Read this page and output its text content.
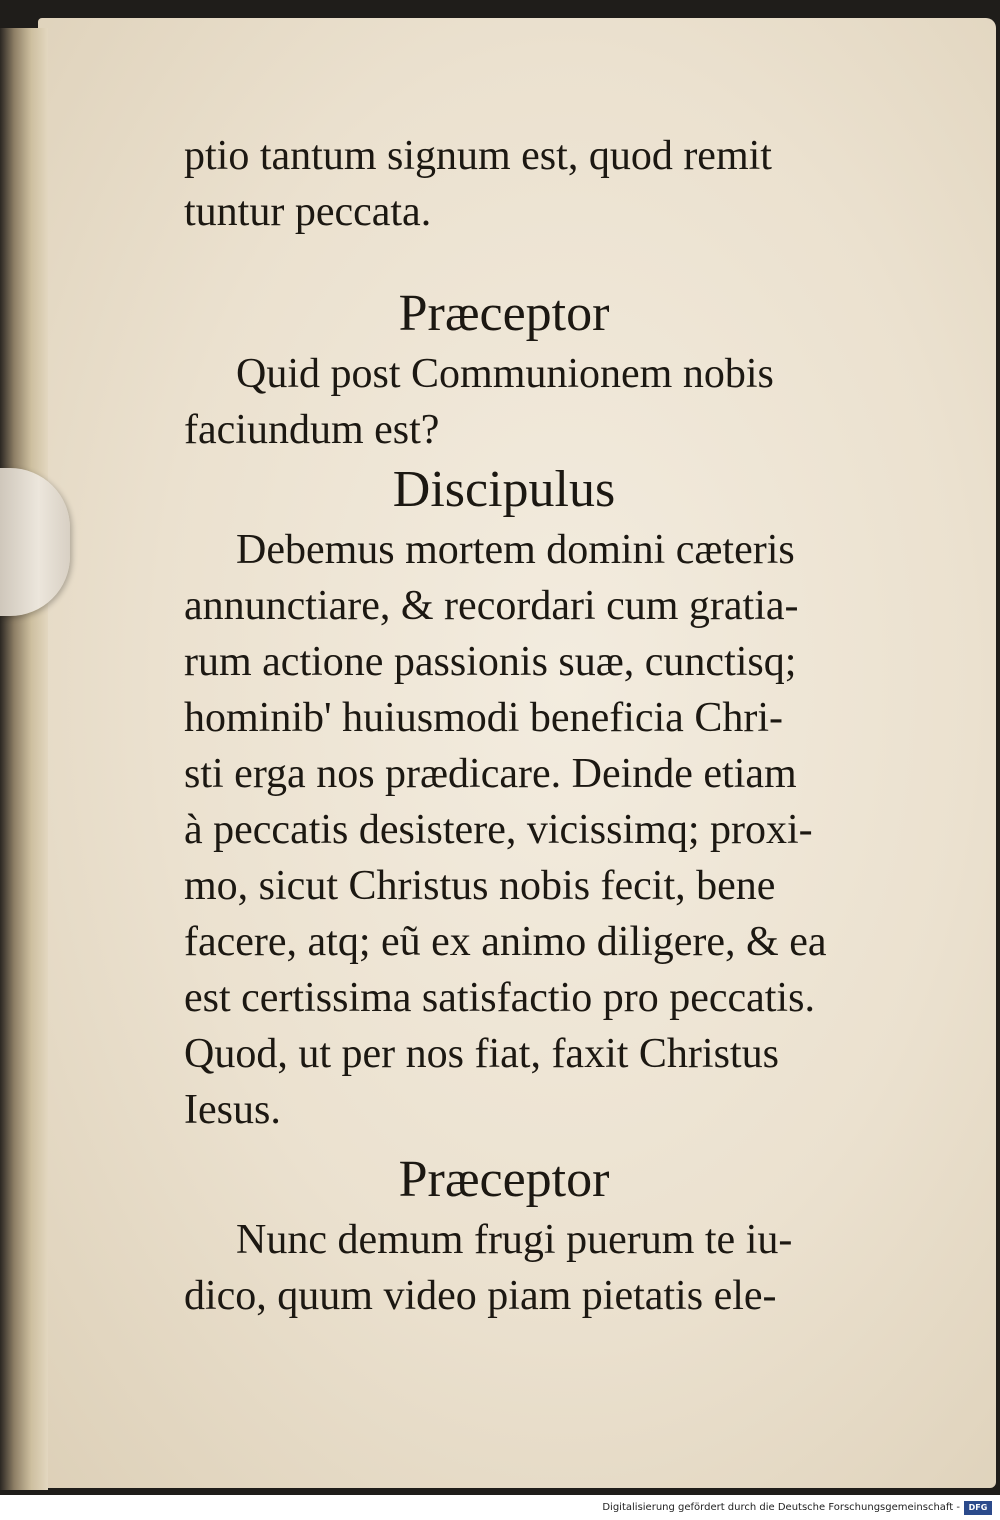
ptio tantum signum est, quod remit
tuntur peccata.
Præceptor
Quid post Communionem nobis
faciundum est?
Discipulus
Debemus mortem domini cæteris
annunctiare, & recordari cum gratia-
rum actione passionis suæ, cunctisq;
hominib' huiusmodi beneficia Chri-
sti erga nos prædicare. Deinde etiam
à peccatis desistere, vicissimq; proxi-
mo, sicut Christus nobis fecit, bene
facere, atq; eũ ex animo diligere, & ea
est certissima satisfactio pro peccatis.
Quod, ut per nos fiat, faxit Christus
Iesus.
Præceptor
Nunc demum frugi puerum te iu-
dico, quum video piam pietatis ele-
Digitalisierung gefördert durch die Deutsche Forschungsgemeinschaft -	DFG
